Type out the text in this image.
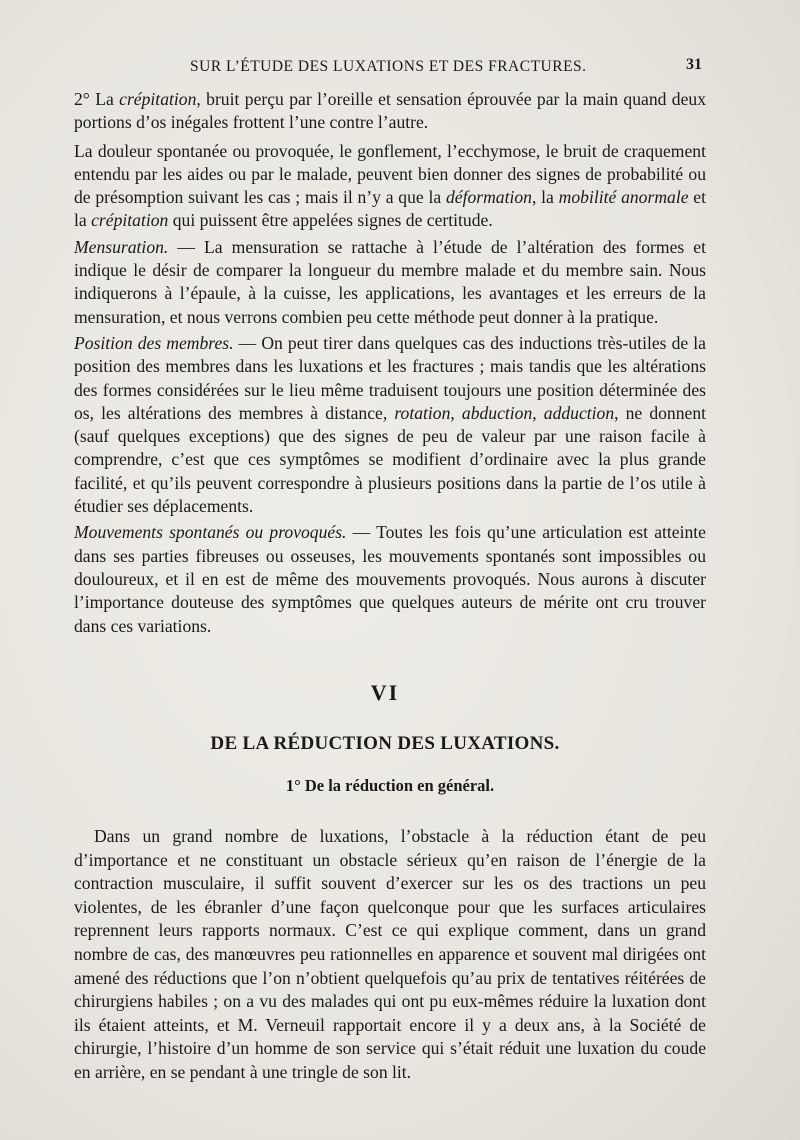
SUR L’ÉTUDE DES LUXATIONS ET DES FRACTURES.	31

2° La crépitation, bruit perçu par l’oreille et sensation éprouvée par la main quand deux portions d’os inégales frottent l’une contre l’autre.

La douleur spontanée ou provoquée, le gonflement, l’ecchymose, le bruit de craquement entendu par les aides ou par le malade, peuvent bien donner des signes de probabilité ou de présomption suivant les cas ; mais il n’y a que la déformation, la mobilité anormale et la crépitation qui puissent être appelées signes de certitude.

Mensuration. — La mensuration se rattache à l’étude de l’altération des formes et indique le désir de comparer la longueur du membre malade et du membre sain. Nous indiquerons à l’épaule, à la cuisse, les applications, les avantages et les erreurs de la mensuration, et nous verrons combien peu cette méthode peut donner à la pratique.

Position des membres. — On peut tirer dans quelques cas des inductions très-utiles de la position des membres dans les luxations et les fractures ; mais tandis que les altérations des formes considérées sur le lieu même traduisent toujours une position déterminée des os, les altérations des membres à distance, rotation, abduction, adduction, ne donnent (sauf quelques exceptions) que des signes de peu de valeur par une raison facile à comprendre, c’est que ces symptômes se modifient d’ordinaire avec la plus grande facilité, et qu’ils peuvent correspondre à plusieurs positions dans la partie de l’os utile à étudier ses déplacements.

Mouvements spontanés ou provoqués. — Toutes les fois qu’une articulation est atteinte dans ses parties fibreuses ou osseuses, les mouvements spontanés sont impossibles ou douloureux, et il en est de même des mouvements provoqués. Nous aurons à discuter l’importance douteuse des symptômes que quelques auteurs de mérite ont cru trouver dans ces variations.

VI
DE LA RÉDUCTION DES LUXATIONS.
1° De la réduction en général.

Dans un grand nombre de luxations, l’obstacle à la réduction étant de peu d’importance et ne constituant un obstacle sérieux qu’en raison de l’énergie de la contraction musculaire, il suffit souvent d’exercer sur les os des tractions un peu violentes, de les ébranler d’une façon quelconque pour que les surfaces articulaires reprennent leurs rapports normaux. C’est ce qui explique comment, dans un grand nombre de cas, des manœuvres peu rationnelles en apparence et souvent mal dirigées ont amené des réductions que l’on n’obtient quelquefois qu’au prix de tentatives réitérées de chirurgiens habiles ; on a vu des malades qui ont pu eux-mêmes réduire la luxation dont ils étaient atteints, et M. Verneuil rapportait encore il y a deux ans, à la Société de chirurgie, l’histoire d’un homme de son service qui s’était réduit une luxation du coude en arrière, en se pendant à une tringle de son lit.
